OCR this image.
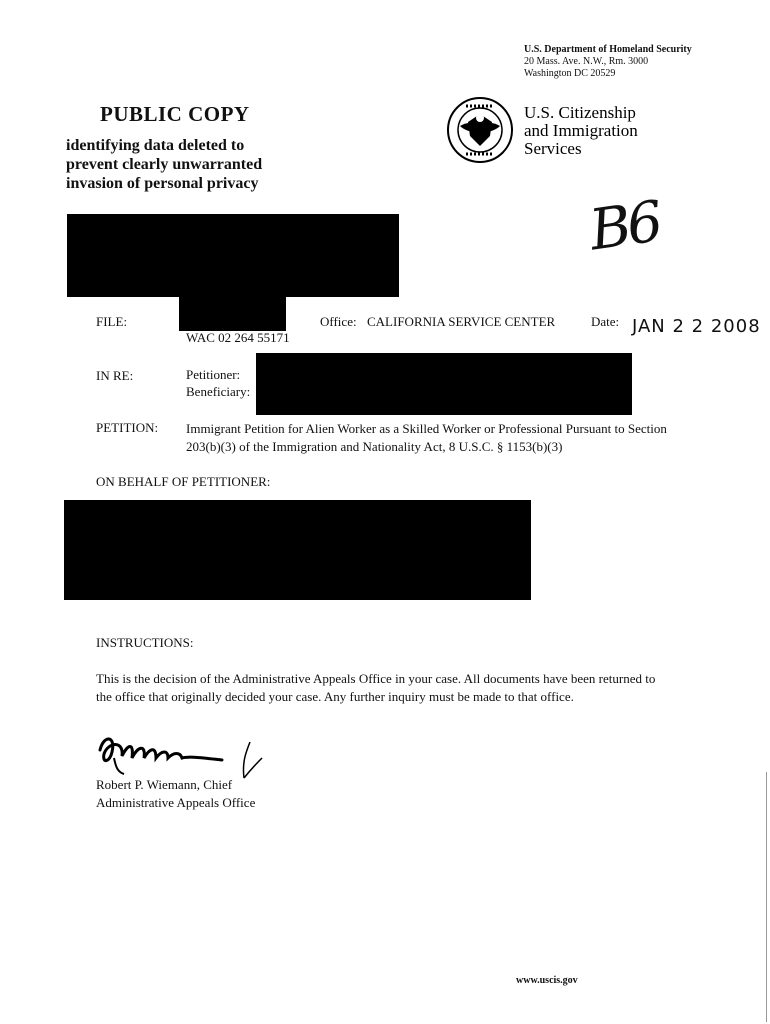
U.S. Department of Homeland Security
20 Mass. Ave. N.W., Rm. 3000
Washington DC 20529
U.S. Citizenship
and Immigration
Services
PUBLIC COPY
identifying data deleted to
prevent clearly unwarranted
invasion of personal privacy
B6
FILE:
WAC 02 264 55171
Office: CALIFORNIA SERVICE CENTER	Date: JAN 2 2 2008
IN RE:	Petitioner:
Beneficiary:
PETITION: Immigrant Petition for Alien Worker as a Skilled Worker or Professional Pursuant to Section
203(b)(3) of the Immigration and Nationality Act, 8 U.S.C. § 1153(b)(3)
ON BEHALF OF PETITIONER:
INSTRUCTIONS:
This is the decision of the Administrative Appeals Office in your case. All documents have been returned to
the office that originally decided your case. Any further inquiry must be made to that office.
Robert P. Wiemann, Chief
Administrative Appeals Office
www.uscis.gov
